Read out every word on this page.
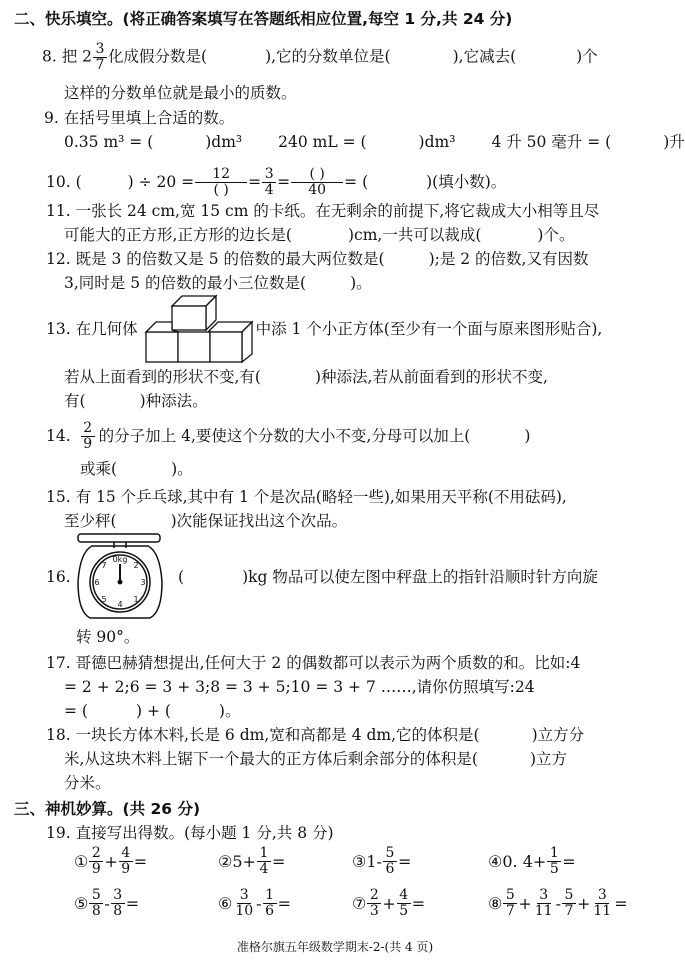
二、快乐填空。(将正确答案填写在答题纸相应位置,每空 1 分,共 24 分)
8. 把 $2 \frac{3}{7}$ 化成假分数是(	),它的分数单位是(	),它减去(	)个
这样的分数单位就是最小的质数。
9. 在括号里填上合适的数。
0.35 m³ = (	)dm³ 240 mL = (	)dm³ 4 升 50 毫升 = (	)升
10. (	) ÷ $20 = \frac{12}{( )} = \frac{3}{4} = \frac{( )}{40}$ = (	)(填小数)。
11. 一张长 24 cm,宽 15 cm 的卡纸。在无剩余的前提下,将它裁成大小相等且尽
可能大的正方形,正方形的边长是(	)cm,一共可以裁成(	)个。
12. 既是 3 的倍数又是 5 的倍数的最大两位数是(	);是 2 的倍数,又有因数
3,同时是 5 的倍数的最小三位数是(	)。
13. 在几何体	中添 1 个小正方体(至少有一个面与原来图形贴合),
若从上面看到的形状不变,有(	)种添法,若从前面看到的形状不变,
有(	)种添法。
14. $\frac{2}{9}$ 的分子加上 4,要使这个分数的大小不变,分母可以加上(	)
或乘(	)。
15. 有 15 个乒乓球,其中有 1 个是次品(略轻一些),如果用天平称(不用砝码),
至少秤(	)次能保证找出这个次品。
0kg
3
4
6
2
7
1
5
16.	(	)kg 物品可以使左图中秤盘上的指针沿顺时针方向旋
转 90°。
17. 哥德巴赫猜想提出,任何大于 2 的偶数都可以表示为两个质数的和。比如:4
= 2 + 2;6 = 3 + 3;8 = 3 + 5;10 = 3 + 7 ……,请你仿照填写:24
= (	) + (	)。
18. 一块长方体木料,长是 6 dm,宽和高都是 4 dm,它的体积是(	)立方分
米,从这块木料上锯下一个最大的正方体后剩余部分的体积是(	)立方
分米。
三、神机妙算。(共 26 分)
19. 直接写出得数。(每小题 1 分,共 8 分)
① $\frac{2}{9} + \frac{4}{9}$ =	② $5+ \frac{1}{4}$ =	③ $1- \frac{5}{6}$ =	④ 0. $4+ \frac{1}{5}$ =
⑤ $\frac{5}{8} - \frac{3}{8}$ =	⑥ $\frac{3}{10} - \frac{1}{6}$ =	⑦ $\frac{2}{3} + \frac{4}{5}$ =	⑧ $\frac{5}{7} + \frac{3}{11} - \frac{5}{7} + \frac{3}{11}$ =
准格尔旗五年级数学期末-2-(共 4 页)
